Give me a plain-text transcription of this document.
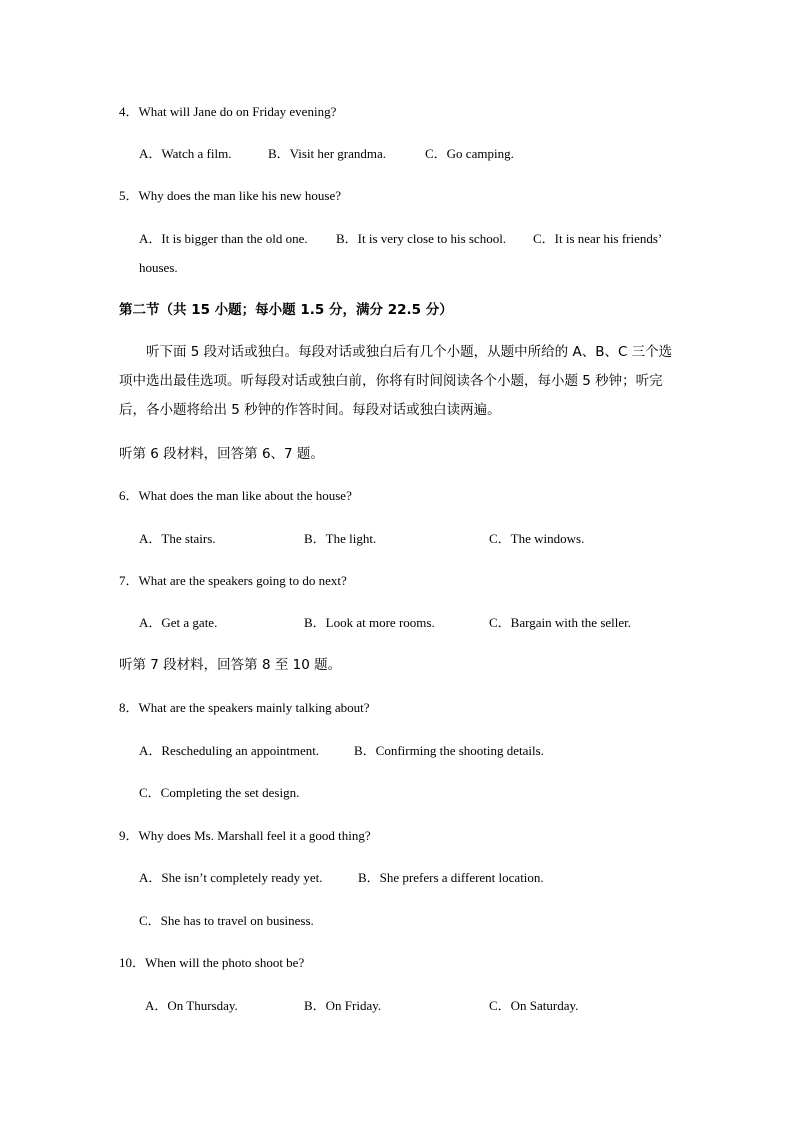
4．What will Jane do on Friday evening?
A．Watch a film.	B．Visit her grandma.	C．Go camping.
5．Why does the man like his new house?
A．It is bigger than the old one. B．It is very close to his school. C．It is near his friends’
houses.
第二节（共 15 小题；每小题 1.5 分，满分 22.5 分）
听下面 5 段对话或独白。每段对话或独白后有几个小题，从题中所给的 A、B、C 三个选项中选出最佳选项。听每段对话或独白前，你将有时间阅读各个小题，每小题 5 秒钟；听完后，各小题将给出 5 秒钟的作答时间。每段对话或独白读两遍。
听第 6 段材料，回答第 6、7 题。
6．What does the man like about the house?
A．The stairs.	B．The light.	C．The windows.
7．What are the speakers going to do next?
A．Get a gate.	B．Look at more rooms.	C．Bargain with the seller.
听第 7 段材料，回答第 8 至 10 题。
8．What are the speakers mainly talking about?
A．Rescheduling an appointment.	B．Confirming the shooting details.
C．Completing the set design.
9．Why does Ms. Marshall feel it a good thing?
A．She isn’t completely ready yet.	B．She prefers a different location.
C．She has to travel on business.
10．When will the photo shoot be?
A．On Thursday.	B．On Friday.	C．On Saturday.
